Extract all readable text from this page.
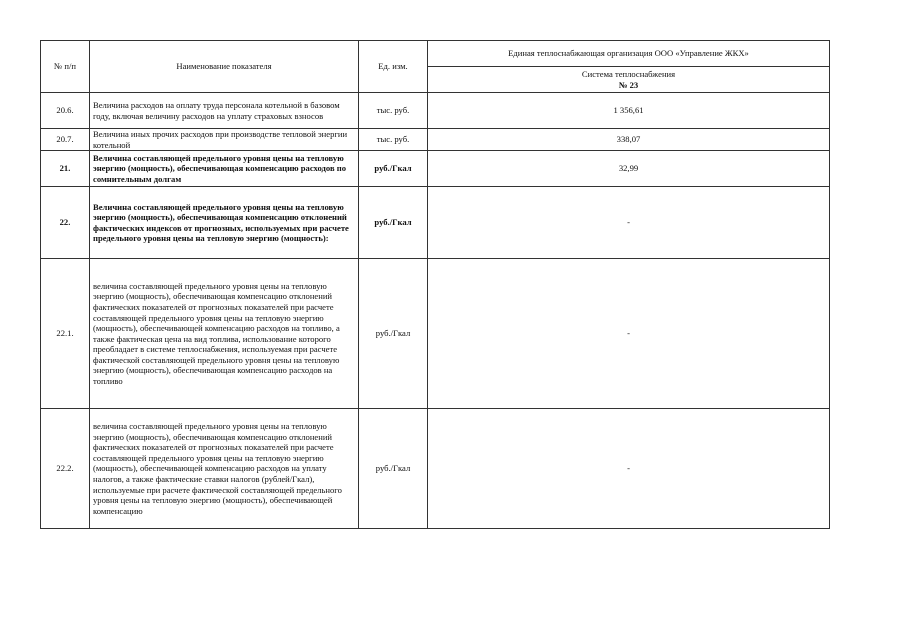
№ п/п	Наименование показателя	Ед. изм.	Единая теплоснабжающая организация ООО «Управление ЖКХ»

			Система теплоснабжения
№ 23

20.6.	Величина расходов на оплату труда персонала котельной в базовом году, включая величину расходов на уплату страховых взносов	тыс. руб.	1 356,61
20.7.	Величина иных прочих расходов при производстве тепловой энергии котельной	тыс. руб.	338,07
21.	Величина составляющей предельного уровня цены на тепловую энергию (мощность), обеспечивающая компенсацию расходов по сомнительным долгам	руб./Гкал	32,99
22.	Величина составляющей предельного уровня цены на тепловую энергию (мощность), обеспечивающая компенсацию отклонений фактических индексов от прогнозных, используемых при расчете предельного уровня цены на тепловую энергию (мощность):	руб./Гкал	-
22.1.	величина составляющей предельного уровня цены на тепловую энергию (мощность), обеспечивающая компенсацию отклонений фактических показателей от прогнозных показателей при расчете составляющей предельного уровня цены на тепловую энергию (мощность), обеспечивающей компенсацию расходов на топливо, а также фактическая цена на вид топлива, использование которого преобладает в системе теплоснабжения, используемая при расчете фактической составляющей предельного уровня цены на тепловую энергию (мощность), обеспечивающая компенсацию расходов на топливо	руб./Гкал	-
22.2.	величина составляющей предельного уровня цены на тепловую энергию (мощность), обеспечивающая компенсацию отклонений фактических показателей от прогнозных показателей при расчете составляющей предельного уровня цены на тепловую энергию (мощность), обеспечивающей компенсацию расходов на уплату налогов, а также фактические ставки налогов (рублей/Гкал), используемые при расчете фактической составляющей предельного уровня цены на тепловую энергию (мощность), обеспечивающей компенсацию	руб./Гкал	-
